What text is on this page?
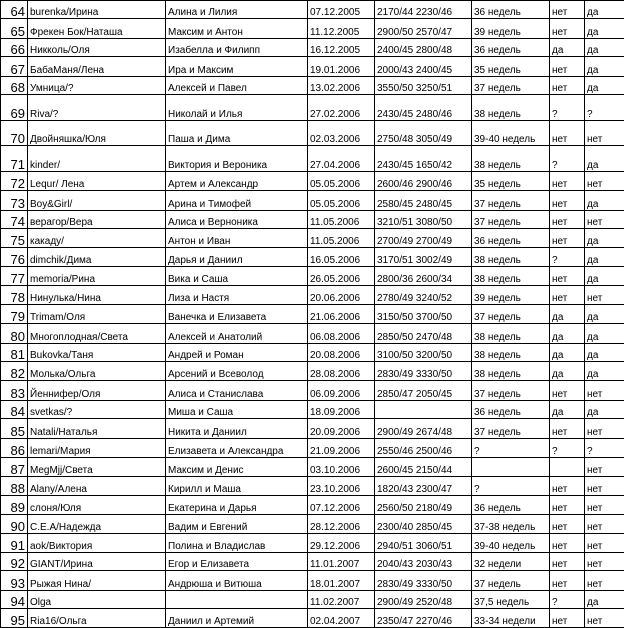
64	burenka/Ирина	Алина и Лилия	07.12.2005	2170/44 2230/46	36 недель	нет	да
65	Фрекен Бок/Наташа	Максим и Антон	11.12.2005	2900/50 2570/47	39 недель	нет	да
66	Никколь/Оля	Изабелла и Филипп	16.12.2005	2400/45 2800/48	36 недель	да	да
67	БабаМаня/Лена	Ира и Максим	19.01.2006	2000/43 2400/45	35 недель	нет	да
68	Умница/?	Алексей и Павел	13.02.2006	3550/50 3250/51	37 недель	нет	да
69	Riva/?	Николай и Илья	27.02.2006	2430/45 2480/46	38 недель	?	?
70	Двойняшка/Юля	Паша и Дима	02.03.2006	2750/48 3050/49	39-40 недель	нет	нет
71	kinder/	Виктория и Вероника	27.04.2006	2430/45 1650/42	38 недель	?	да
72	Lequr/ Лена	Артем и Александр	05.05.2006	2600/46 2900/46	35 недель	нет	нет
73	Boy&Girl/	Арина и Тимофей	05.05.2006	2580/45 2480/45	37 недель	нет	да
74	верагор/Вера	Алиса и Верноника	11.05.2006	3210/51 3080/50	37 недель	нет	нет
75	какаду/	Антон и Иван	11.05.2006	2700/49 2700/49	36 недель	нет	да
76	dimchik/Дима	Дарья и Даниил	16.05.2006	3170/51 3002/49	38 недель	?	да
77	memoria/Рина	Вика и Саша	26.05.2006	2800/36 2600/34	38 недель	нет	да
78	Нинулька/Нина	Лиза и Настя	20.06.2006	2780/49 3240/52	39 недель	нет	нет
79	Trimam/Оля	Ванечка и Елизавета	21.06.2006	3150/50 3700/50	37 недель	да	да
80	Многоплодная/Света	Алексей и Анатолий	06.08.2006	2850/50 2470/48	38 недель	да	да
81	Bukovka/Таня	Андрей и Роман	20.08.2006	3100/50 3200/50	38 недель	да	да
82	Молька/Ольга	Арсений и Всеволод	28.08.2006	2830/49 3330/50	38 недель	да	да
83	Йеннифер/Оля	Алиса и Станислава	06.09.2006	2850/47 2050/45	37 недель	нет	нет
84	svetkas/?	Миша и Саша	18.09.2006		36 недель	да	да
85	Natali/Наталья	Никита и Даниил	20.09.2006	2900/49 2674/48	37 недель	нет	нет
86	lemari/Мария	Елизавета и Александра	21.09.2006	2550/46 2500/46	?	?	?
87	MegMjj/Света	Максим и Денис	03.10.2006	2600/45 2150/44			нет
88	Alany/Алена	Кирилл и Маша	23.10.2006	1820/43 2300/47	?	нет	нет
89	слоня/Юля	Екатерина и Дарья	07.12.2006	2560/50 2180/49	36 недель	нет	нет
90	С.Е.А/Надежда	Вадим и Евгений	28.12.2006	2300/40 2850/45	37-38 недель	нет	нет
91	aok/Виктория	Полина и Владислав	29.12.2006	2940/51 3060/51	39-40 недель	нет	нет
92	GIANT/Ирина	Егор и Елизавета	11.01.2007	2040/43 2030/43	32 недели	нет	нет
93	Рыжая Нина/	Андрюша и Витюша	18.01.2007	2830/49 3330/50	37 недель	нет	нет
94	Olga		11.02.2007	2900/49 2520/48	37,5 недель	?	да
95	Ria16/Ольга	Даниил и Артемий	02.04.2007	2350/47 2270/46	33-34 недели	нет	нет
